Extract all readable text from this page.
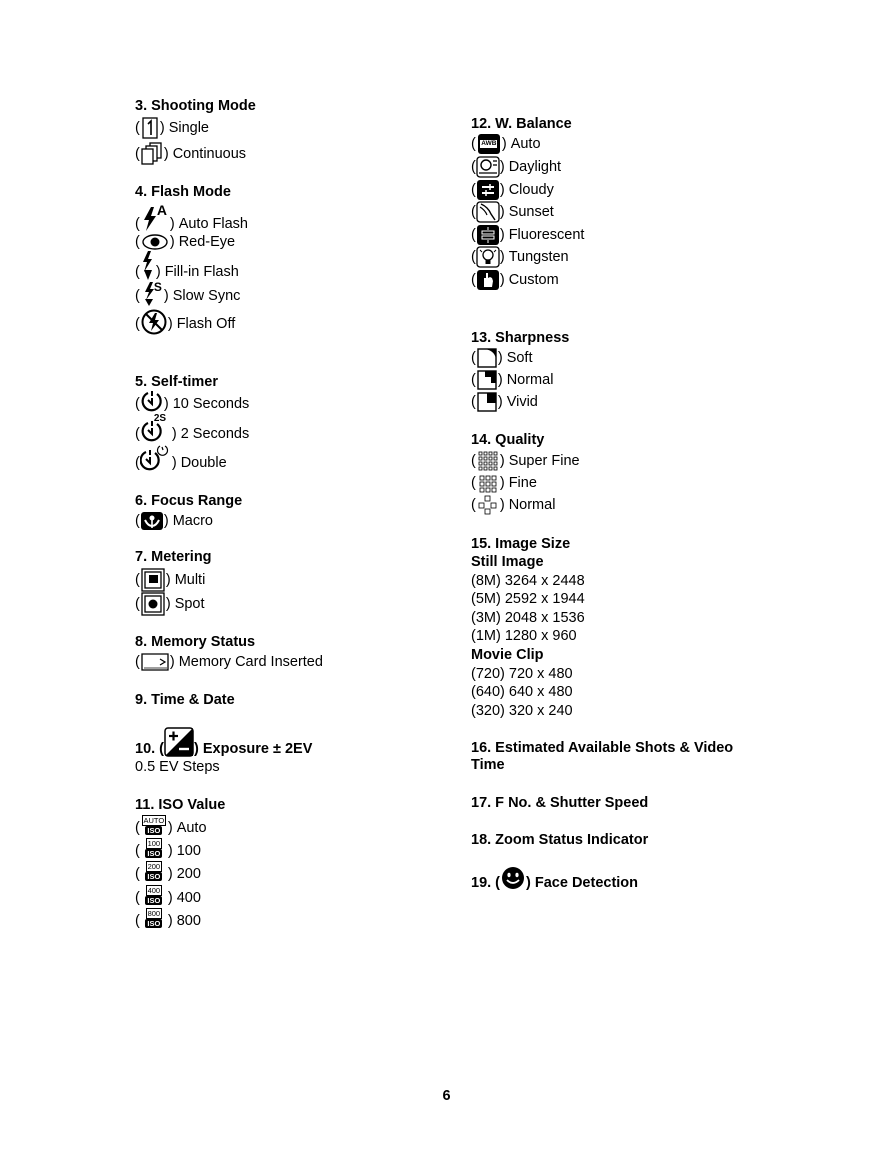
3. Shooting Mode
( ) Single
( ) Continuous
4. Flash Mode
(
A
) Auto Flash
( ) Red-Eye
( ) Fill-in Flash
(
S
) Slow Sync
( ) Flash Off
5. Self-timer
( ) 10 Seconds
(
2S
) 2 Seconds
( ) Double
6. Focus Range
( ) Macro
7. Metering
( ) Multi
( ) Spot
8. Memory Status
( ) Memory Card Inserted
9. Time & Date
10. ( ) Exposure ± 2EV
0.5 EV Steps
11. ISO Value
( AUTO
ISO ) Auto
( 100
ISO ) 100
( 200
ISO ) 200
( 400
ISO ) 400
( 800
ISO ) 800
12. W. Balance
( AWB ) Auto
( ) Daylight
( ) Cloudy
( ) Sunset
( ) Fluorescent
( ) Tungsten
( ) Custom
13. Sharpness
( ) Soft
( ) Normal
( ) Vivid
14. Quality
( ) Super Fine
( ) Fine
( ) Normal
15. Image Size
Still Image
(8M) 3264 x 2448
(5M) 2592 x 1944
(3M) 2048 x 1536
(1M) 1280 x 960
Movie Clip
(720) 720 x 480
(640) 640 x 480
(320) 320 x 240
16. Estimated Available Shots & Video
Time
17. F No. & Shutter Speed
18. Zoom Status Indicator
19. ( ) Face Detection
6
